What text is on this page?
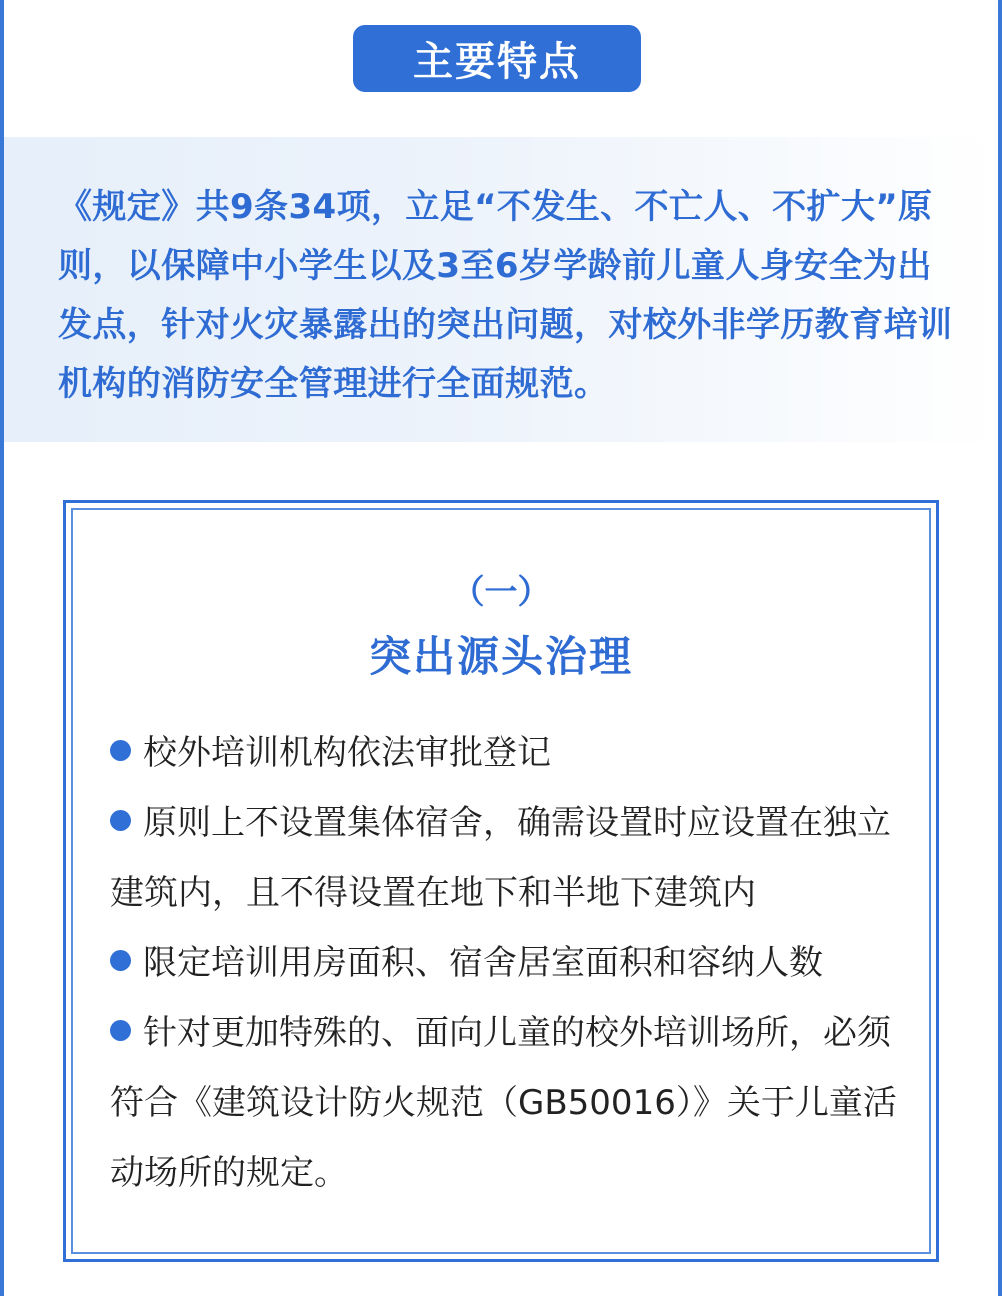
主要特点

《规定》共9条34项，立足“不发生、不亡人、不扩大”原则，以保障中小学生以及3至6岁学龄前儿童人身安全为出发点，针对火灾暴露出的突出问题，对校外非学历教育培训机构的消防安全管理进行全面规范。

（一）
突出源头治理
校外培训机构依法审批登记
原则上不设置集体宿舍，确需设置时应设置在独立建筑内，且不得设置在地下和半地下建筑内
限定培训用房面积、宿舍居室面积和容纳人数
针对更加特殊的、面向儿童的校外培训场所，必须符合《建筑设计防火规范（GB50016）》关于儿童活动场所的规定。
